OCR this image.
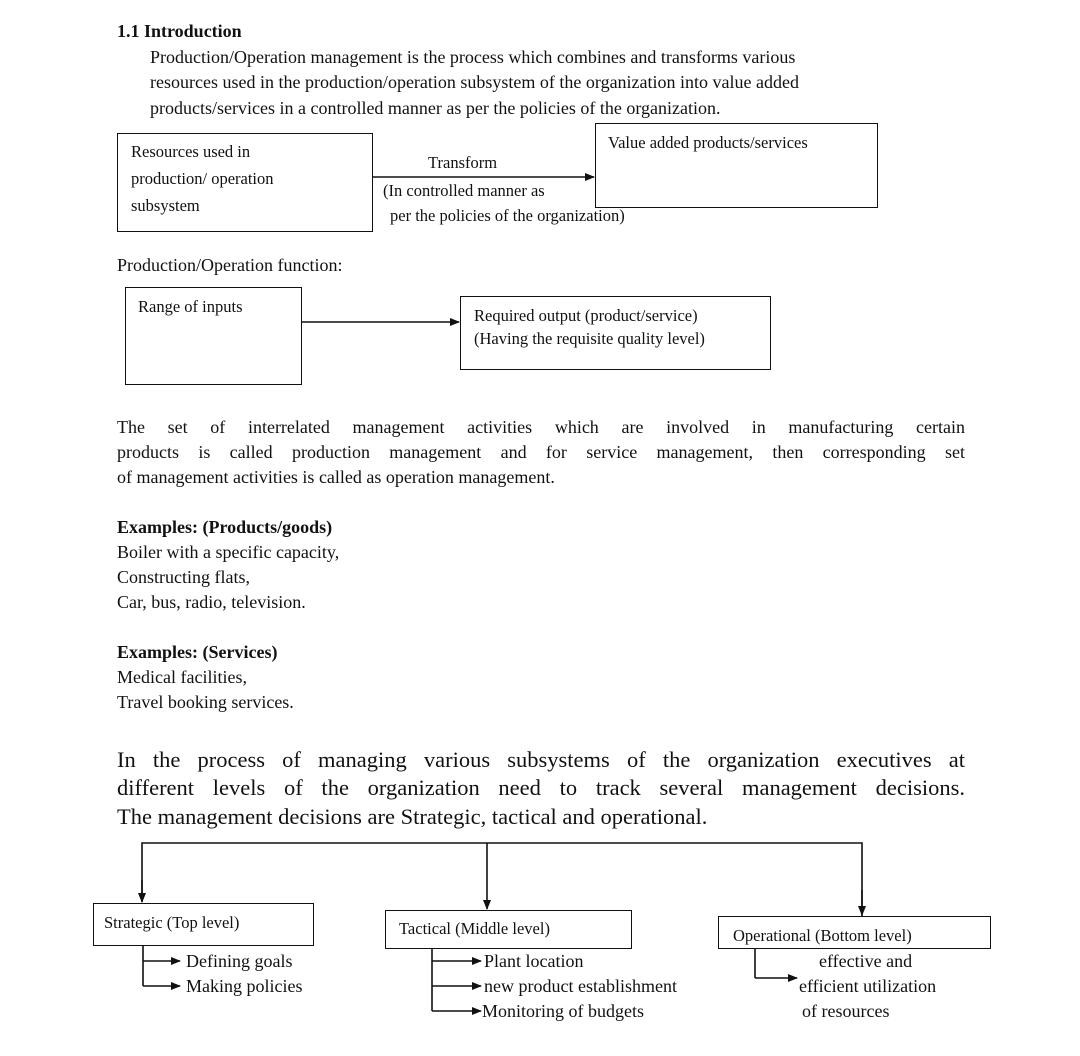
1.1 Introduction
Production/Operation management is the process which combines and transforms various
resources used in the production/operation subsystem of the organization into value added
products/services in a controlled manner as per the policies of the organization.
Resources used in
production/ operation
subsystem
Transform
(In controlled manner as
per the policies of the organization)
Value added products/services
Production/Operation function:
Range of inputs	Required output (product/service)
(Having the requisite quality level)
The set of interrelated management activities which are involved in manufacturing certain
products is called production management and for service management, then corresponding set
of management activities is called as operation management.
Examples: (Products/goods)
Boiler with a specific capacity,
Constructing flats,
Car, bus, radio, television.
Examples: (Services)
Medical facilities,
Travel booking services.
In the process of managing various subsystems of the organization executives at
different levels of the organization need to track several management decisions.
The management decisions are Strategic, tactical and operational.
Strategic (Top level)
Defining goals
Making policies
Tactical (Middle level)
Plant location
new product establishment
Monitoring of budgets
Operational (Bottom level)
effective and
efficient utilization
of resources
